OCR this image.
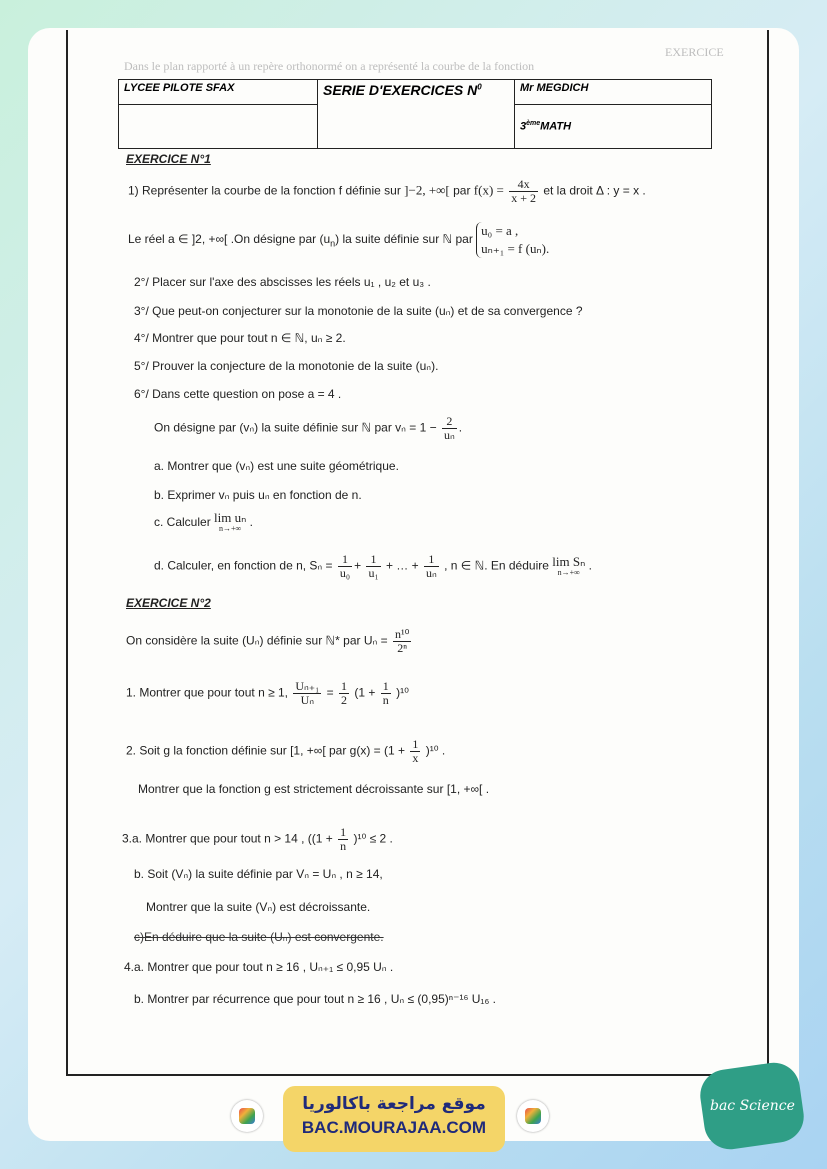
EXERCICE
Dans le plan rapporté à un repère orthonormé on a représenté la courbe de la fonction
LYCEE PILOTE SFAX	SERIE D'EXERCICES $N^0$	Mr MEGDICH
		3èmeMATH
EXERCICE N°1
1) Représenter la courbe de la fonction f définie sur ]−2, +∞[ par $f(x) = \frac{4x}{x + 2}$ et la droit Δ : y = x .
Le réel a ∈ ]2, +∞[ .On désigne par $(u_n)$ la suite définie sur ℕ par
u₀ = a ,
uₙ₊₁ = f (uₙ).
2°/ Placer sur l'axe des abscisses les réels u₁ , u₂ et u₃ .
3°/ Que peut-on conjecturer sur la monotonie de la suite (uₙ) et de sa convergence ?
4°/ Montrer que pour tout n ∈ ℕ, uₙ ≥ 2.
5°/ Prouver la conjecture de la monotonie de la suite (uₙ).
6°/ Dans cette question on pose a = 4 .
On désigne par (vₙ) la suite définie sur ℕ par $v_n = 1 - \frac{2}{\text{uₙ}}$ .
a. Montrer que (vₙ) est une suite géométrique.
b. Exprimer vₙ puis uₙ en fonction de n.
c. Calculer lim uₙ
n→+∞ .
d. Calculer, en fonction de n, $S_n = \frac{1}{\text{u₀}} + \frac{1}{\text{u₁}}$ + … + $\frac{1}{\text{uₙ}}$ , n ∈ ℕ. En déduire lim Sₙ
n→+∞ .
EXERCICE N°2
On considère la suite (Uₙ) définie sur ℕ* par $U_n = \frac{\text{n¹⁰}}{\text{2ⁿ}}$
1. Montrer que pour tout n ≥ 1, $\frac{\text{Uₙ₊₁}}{\text{Uₙ}} = \frac{1}{2} (1 + \frac{1}{n} )^{10}$
2. Soit g la fonction définie sur [1, +∞[ par $g(x) = (1 + \frac{1}{x} )^{10}$ .
Montrer que la fonction g est strictement décroissante sur [1, +∞[ .
3.a. Montrer que pour tout n > 14 , ($(1 + \frac{1}{n} )^{10} \le 2$ .
b. Soit (Vₙ) la suite définie par Vₙ = Uₙ , n ≥ 14,
Montrer que la suite (Vₙ) est décroissante.
c)En déduire que la suite (Uₙ) est convergente.
4.a. Montrer que pour tout n ≥ 16 , Uₙ₊₁ ≤ 0,95 Uₙ .
b. Montrer par récurrence que pour tout n ≥ 16 , Uₙ ≤ (0,95)ⁿ⁻¹⁶ U₁₆ .
موقع مراجعة باكالوريا
BAC.MOURAJAA.COM
bac Science
